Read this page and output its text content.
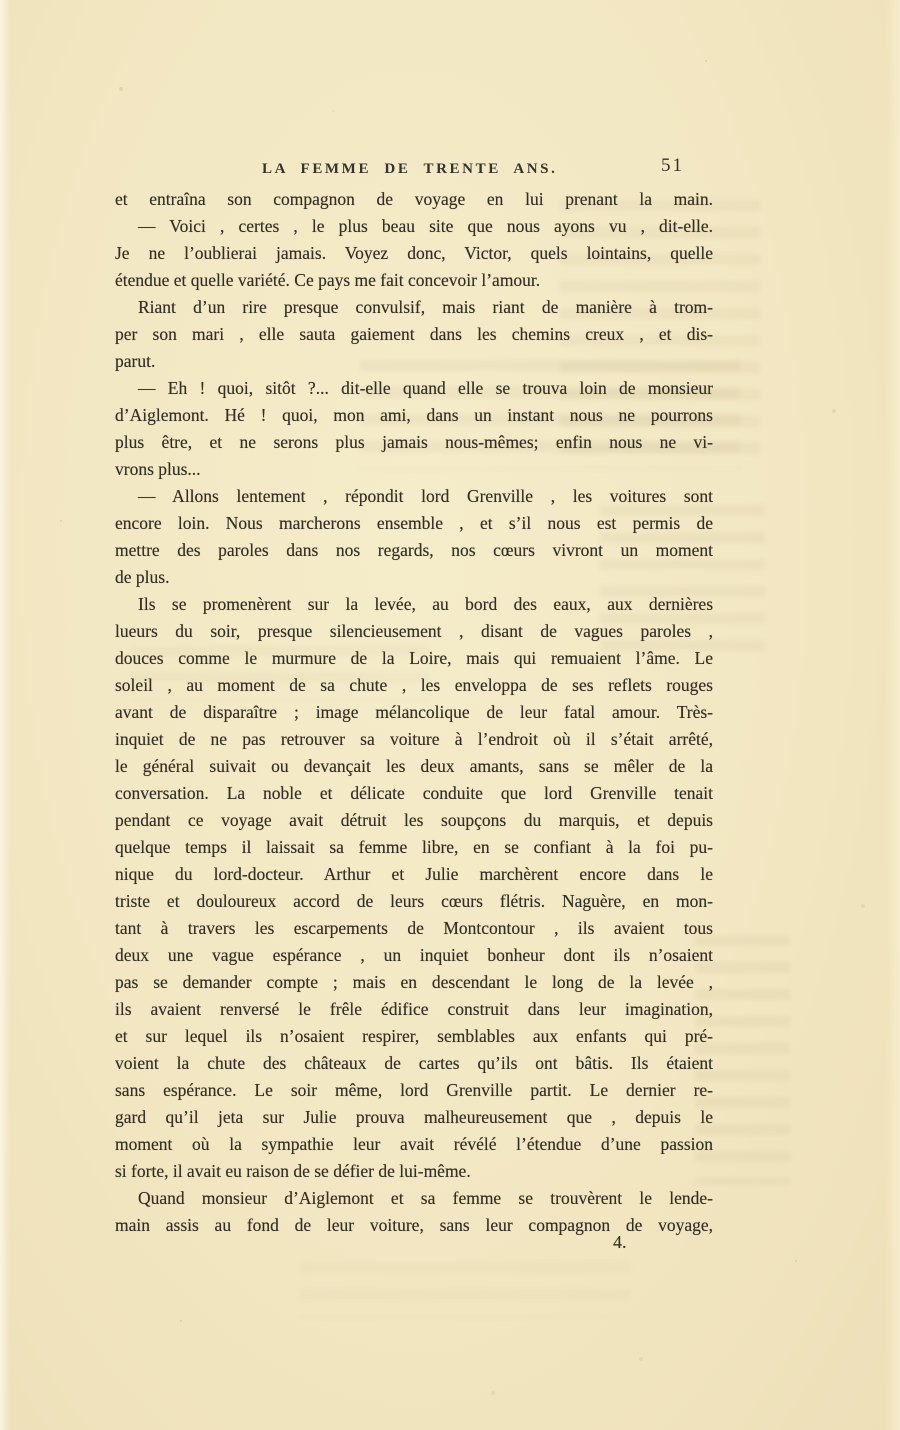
LA FEMME DE TRENTE ANS.	51
et entraîna son compagnon de voyage en lui prenant la main.
— Voici , certes , le plus beau site que nous ayons vu , dit-elle.
Je ne l’oublierai jamais. Voyez donc, Victor, quels lointains, quelle
étendue et quelle variété. Ce pays me fait concevoir l’amour.
Riant d’un rire presque convulsif, mais riant de manière à trom-
per son mari , elle sauta gaiement dans les chemins creux , et dis-
parut.
— Eh ! quoi, sitôt ?... dit-elle quand elle se trouva loin de monsieur
d’Aiglemont. Hé ! quoi, mon ami, dans un instant nous ne pourrons
plus être, et ne serons plus jamais nous-mêmes; enfin nous ne vi-
vrons plus...
— Allons lentement , répondit lord Grenville , les voitures sont
encore loin. Nous marcherons ensemble , et s’il nous est permis de
mettre des paroles dans nos regards, nos cœurs vivront un moment
de plus.
Ils se promenèrent sur la levée, au bord des eaux, aux dernières
lueurs du soir, presque silencieusement , disant de vagues paroles ,
douces comme le murmure de la Loire, mais qui remuaient l’âme. Le
soleil , au moment de sa chute , les enveloppa de ses reflets rouges
avant de disparaître ; image mélancolique de leur fatal amour. Très-
inquiet de ne pas retrouver sa voiture à l’endroit où il s’était arrêté,
le général suivait ou devançait les deux amants, sans se mêler de la
conversation. La noble et délicate conduite que lord Grenville tenait
pendant ce voyage avait détruit les soupçons du marquis, et depuis
quelque temps il laissait sa femme libre, en se confiant à la foi pu-
nique du lord-docteur. Arthur et Julie marchèrent encore dans le
triste et douloureux accord de leurs cœurs flétris. Naguère, en mon-
tant à travers les escarpements de Montcontour , ils avaient tous
deux une vague espérance , un inquiet bonheur dont ils n’osaient
pas se demander compte ; mais en descendant le long de la levée ,
ils avaient renversé le frêle édifice construit dans leur imagination,
et sur lequel ils n’osaient respirer, semblables aux enfants qui pré-
voient la chute des châteaux de cartes qu’ils ont bâtis. Ils étaient
sans espérance. Le soir même, lord Grenville partit. Le dernier re-
gard qu’il jeta sur Julie prouva malheureusement que , depuis le
moment où la sympathie leur avait révélé l’étendue d’une passion
si forte, il avait eu raison de se défier de lui-même.
Quand monsieur d’Aiglemont et sa femme se trouvèrent le lende-
main assis au fond de leur voiture, sans leur compagnon de voyage,
4.
